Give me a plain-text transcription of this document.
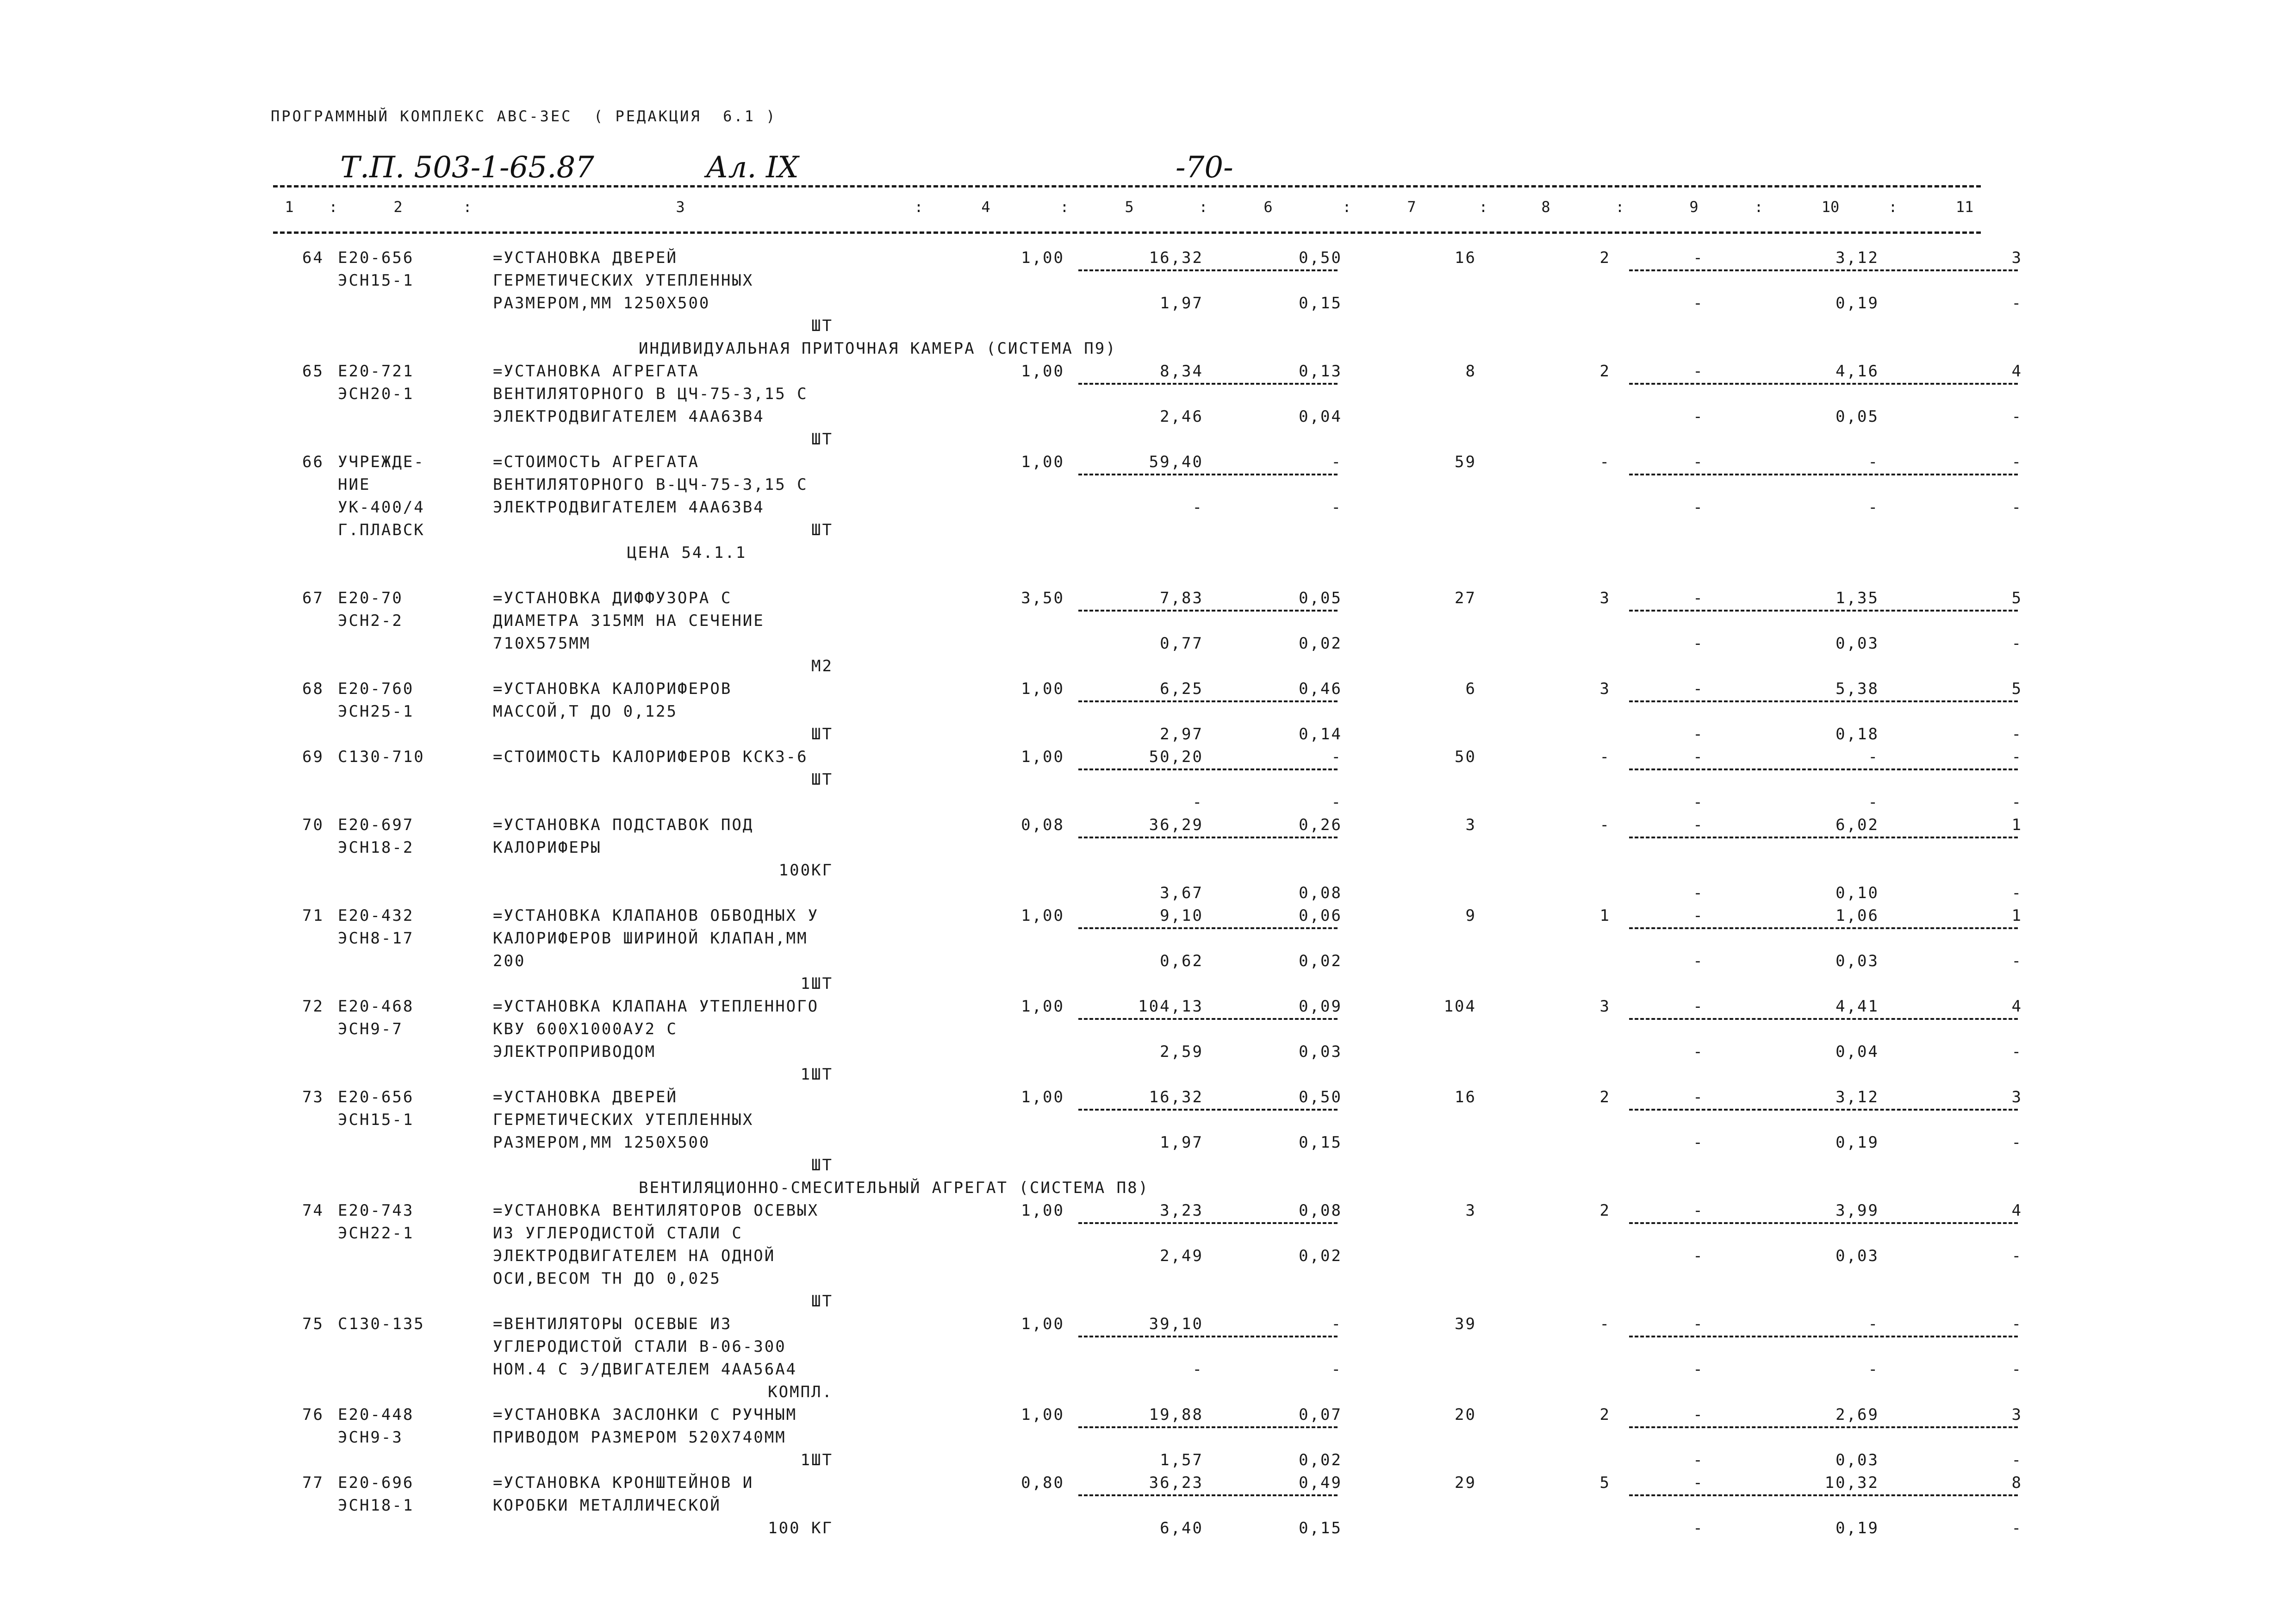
ПРОГРАММНЫЙ КОМПЛЕКС АВС-3ЕС  ( РЕДАКЦИЯ  6.1 )
Т.П. 503-1-65.87	Ал. IX	-70-
1 :	2	:	3	:	4	:	5	:	6	:	7	:	8	:	9	:	10	:	11
64 Е20-656	=УСТАНОВКА ДВЕРЕЙ	1,00	16,32	0,50	16	2	-	3,12	3
ЭСН15-1	ГЕРМЕТИЧЕСКИХ УТЕПЛЕННЫХ
РАЗМЕРОМ,ММ 1250Х500	1,97	0,15	-	0,19	-
ШТ
ИНДИВИДУАЛЬНАЯ ПРИТОЧНАЯ КАМЕРА (СИСТЕМА П9)
65 Е20-721	=УСТАНОВКА АГРЕГАТА	1,00	8,34	0,13	8	2	-	4,16	4
ЭСН20-1	ВЕНТИЛЯТОРНОГО В ЦЧ-75-3,15 С
ЭЛЕКТРОДВИГАТЕЛЕМ 4АА63В4	2,46	0,04	-	0,05	-
ШТ
66 УЧРЕЖДЕ-	=СТОИМОСТЬ АГРЕГАТА	1,00	59,40	-	59	-	-	-	-
НИЕ	ВЕНТИЛЯТОРНОГО В-ЦЧ-75-3,15 С
УК-400/4	ЭЛЕКТРОДВИГАТЕЛЕМ 4АА63В4	-	-	-	-	-
Г.ПЛАВСК	ШТ
ЦЕНА 54.1.1
67 Е20-70	=УСТАНОВКА ДИФФУЗОРА С	3,50	7,83	0,05	27	3	-	1,35	5
ЭСН2-2	ДИАМЕТРА 315ММ НА СЕЧЕНИЕ
710Х575ММ	0,77	0,02	-	0,03	-
М2
68 Е20-760	=УСТАНОВКА КАЛОРИФЕРОВ	1,00	6,25	0,46	6	3	-	5,38	5
ЭСН25-1	МАССОЙ,Т ДО 0,125
ШТ	2,97	0,14	-	0,18	-
69 С130-710	=СТОИМОСТЬ КАЛОРИФЕРОВ КСКЗ-6	1,00	50,20	-	50	-	-	-	-
ШТ
-	-	-	-	-
70 Е20-697	=УСТАНОВКА ПОДСТАВОК ПОД	0,08	36,29	0,26	3	-	-	6,02	1
ЭСН18-2	КАЛОРИФЕРЫ
100КГ
3,67	0,08	-	0,10	-
71 Е20-432	=УСТАНОВКА КЛАПАНОВ ОБВОДНЫХ У	1,00	9,10	0,06	9	1	-	1,06	1
ЭСН8-17	КАЛОРИФЕРОВ ШИРИНОЙ КЛАПАН,ММ
200	0,62	0,02	-	0,03	-
1ШТ
72 Е20-468	=УСТАНОВКА КЛАПАНА УТЕПЛЕННОГО	1,00	104,13	0,09	104	3	-	4,41	4
ЭСН9-7	КВУ 600Х1000АУ2 С
ЭЛЕКТРОПРИВОДОМ	2,59	0,03	-	0,04	-
1ШТ
73 Е20-656	=УСТАНОВКА ДВЕРЕЙ	1,00	16,32	0,50	16	2	-	3,12	3
ЭСН15-1	ГЕРМЕТИЧЕСКИХ УТЕПЛЕННЫХ
РАЗМЕРОМ,ММ 1250Х500	1,97	0,15	-	0,19	-
ШТ
ВЕНТИЛЯЦИОННО-СМЕСИТЕЛЬНЫЙ АГРЕГАТ (СИСТЕМА П8)
74 Е20-743	=УСТАНОВКА ВЕНТИЛЯТОРОВ ОСЕВЫХ	1,00	3,23	0,08	3	2	-	3,99	4
ЭСН22-1	ИЗ УГЛЕРОДИСТОЙ СТАЛИ С
ЭЛЕКТРОДВИГАТЕЛЕМ НА ОДНОЙ	2,49	0,02	-	0,03	-
ОСИ,ВЕСОМ ТН ДО 0,025
ШТ
75 С130-135	=ВЕНТИЛЯТОРЫ ОСЕВЫЕ ИЗ	1,00	39,10	-	39	-	-	-	-
УГЛЕРОДИСТОЙ СТАЛИ В-06-300
НОМ.4 С Э/ДВИГАТЕЛЕМ 4АА56А4	-	-	-	-	-
КОМПЛ.
76 Е20-448	=УСТАНОВКА ЗАСЛОНКИ С РУЧНЫМ	1,00	19,88	0,07	20	2	-	2,69	3
ЭСН9-3	ПРИВОДОМ РАЗМЕРОМ 520Х740ММ
1ШТ	1,57	0,02	-	0,03	-
77 Е20-696	=УСТАНОВКА КРОНШТЕЙНОВ И	0,80	36,23	0,49	29	5	-	10,32	8
ЭСН18-1	КОРОБКИ МЕТАЛЛИЧЕСКОЙ
100 КГ	6,40	0,15	-	0,19	-
